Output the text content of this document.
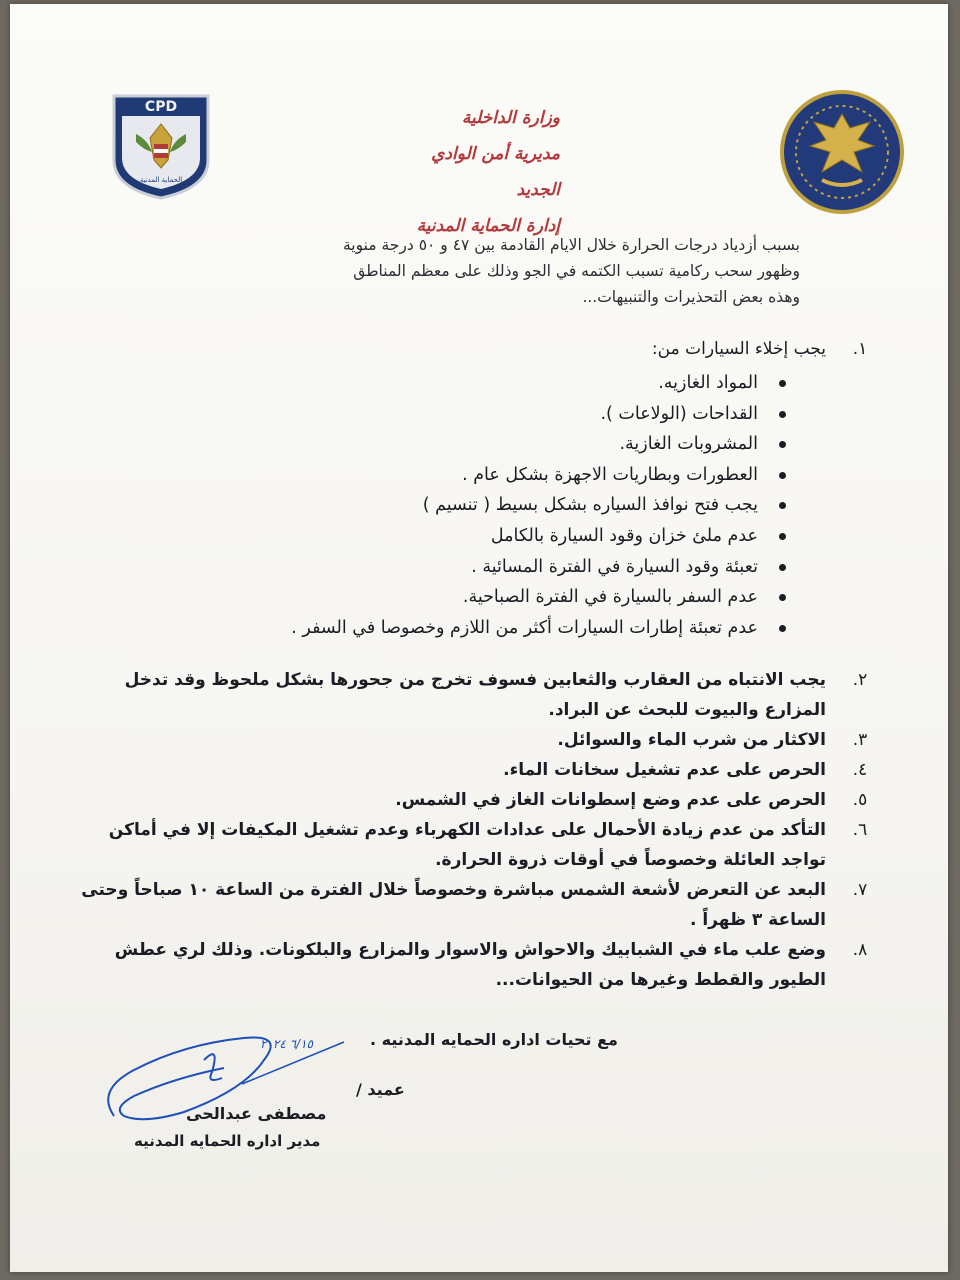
CPD
الحماية المدنية
وزارة الداخلية
مديرية أمن الوادي الجديد
إدارة الحماية المدنية
بسبب أزدياد درجات الحرارة خلال الايام القادمة بين ٤٧ و ٥٠ درجة منوية
وظهور سحب ركامية تسبب الكتمه في الجو وذلك على معظم المناطق
وهذه بعض التحذيرات والتنبيهات...
١.
يجب إخلاء السيارات من:
المواد الغازيه.
القداحات (الولاعات ).
المشروبات الغازية.
العطورات وبطاريات الاجهزة بشكل عام .
يجب فتح نوافذ السياره بشكل بسيط ( تنسيم )
عدم ملئ خزان وقود السيارة بالكامل
تعبئة وقود السيارة في الفترة المسائية .
عدم السفر بالسيارة في الفترة الصباحية.
عدم تعبئة إطارات السيارات أكثر من اللازم وخصوصا في السفر .
٢.
يجب الانتباه من العقارب والثعابين فسوف تخرج من جحورها بشكل ملحوظ وقد تدخل المزارع والبيوت للبحث عن البراد.
٣.
الاكثار من شرب الماء والسوائل.
٤.
الحرص على عدم تشغيل سخانات الماء.
٥.
الحرص على عدم وضع إسطوانات الغاز في الشمس.
٦.
التأكد من عدم زيادة الأحمال على عدادات الكهرباء وعدم تشغيل المكيفات إلا في أماكن تواجد العائلة وخصوصاً في أوقات ذروة الحرارة.
٧.
البعد عن التعرض لأشعة الشمس مباشرة وخصوصاً خلال الفترة من الساعة ١٠ صباحاً وحتى الساعة ٣ ظهراً .
٨.
وضع علب ماء في الشبابيك والاحواش والاسوار والمزارع والبلكونات. وذلك لري عطش الطيور والقطط وغيرها من الحيوانات...
٦/١٥ ٢٠٢٤	مع تحيات اداره الحمايه المدنيه .
عميد /
مصطفى عبدالحى
مدير اداره الحمايه المدنيه
